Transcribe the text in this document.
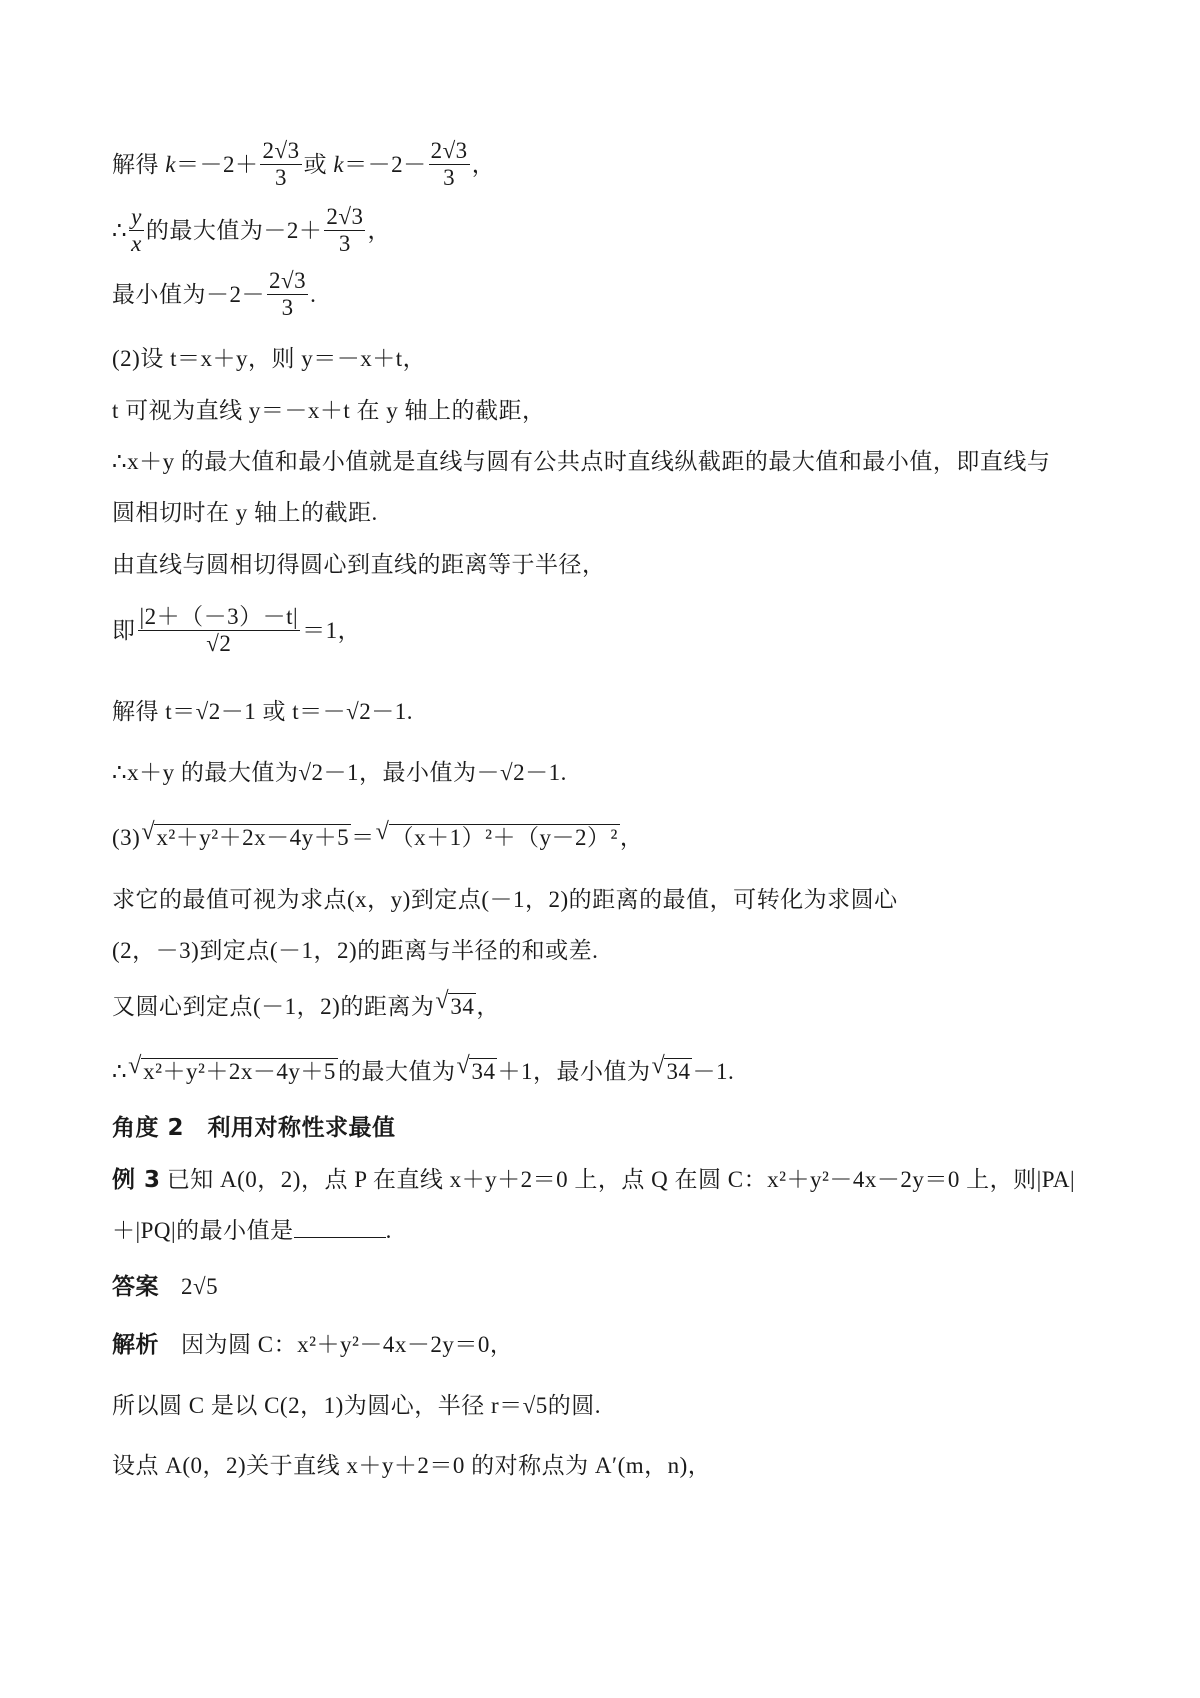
解得 $k=-2+ \frac{2√3}{3}$ 或 $k=-2- \frac{2√3}{3}$ ，
∴ $\frac{y}{x}$ 的最大值为$-2+ \frac{2√3}{3}$ ，
最小值为$-2- \frac{2√3}{3}$ .
(2)设 t＝x＋y，则 y＝－x＋t，
t 可视为直线 y＝－x＋t 在 y 轴上的截距，
∴x＋y 的最大值和最小值就是直线与圆有公共点时直线纵截距的最大值和最小值，即直线与
圆相切时在 y 轴上的截距.
由直线与圆相切得圆心到直线的距离等于半径，
即 $\frac{|2+(-3)-t|}{√2} =1$，
解得 t＝√2－1 或 t＝－√2－1.
∴x＋y 的最大值为√2－1，最小值为－√2－1.
(3) √ x²＋y²＋2x－4y＋5＝ √ （x＋1）²＋（y－2）²，
求它的最值可视为求点(x，y)到定点(－1，2)的距离的最值，可转化为求圆心
(2，－3)到定点(－1，2)的距离与半径的和或差.
又圆心到定点(－1，2)的距离为 √ 34，
∴ √ x²＋y²＋2x－4y＋5的最大值为 √ 34＋1，最小值为 √ 34－1.
角度 2　利用对称性求最值
例 3 已知 A(0，2)，点 P 在直线 x＋y＋2＝0 上，点 Q 在圆 C：x²＋y²－4x－2y＝0 上，则|PA|
＋|PQ|的最小值是	.
答案 2√5
解析 因为圆 C：x²＋y²－4x－2y＝0，
所以圆 C 是以 C(2，1)为圆心，半径 r＝√5的圆.
设点 A(0，2)关于直线 x＋y＋2＝0 的对称点为 A′(m，n)，
